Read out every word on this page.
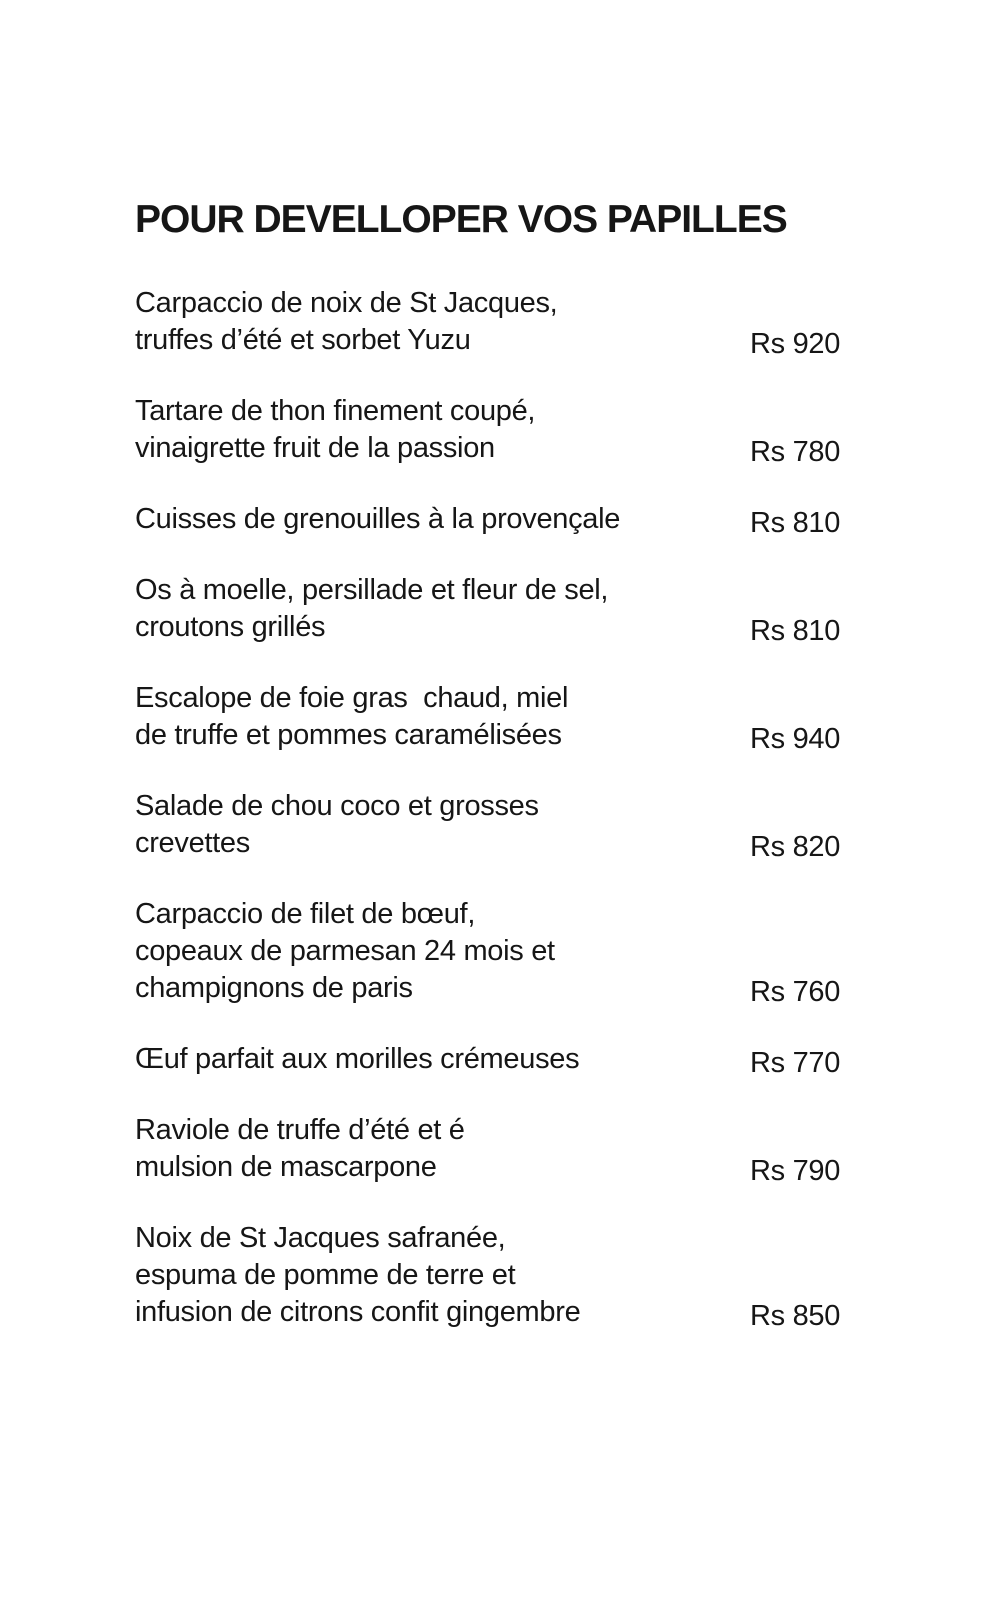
POUR DEVELLOPER VOS PAPILLES
Carpaccio de noix de St Jacques,
truffes d’été et sorbet Yuzu	Rs 920
Tartare de thon finement coupé,
vinaigrette fruit de la passion	Rs 780
Cuisses de grenouilles à la provençale	Rs 810
Os à moelle, persillade et fleur de sel,
croutons grillés	Rs 810
Escalope de foie gras  chaud, miel
de truffe et pommes caramélisées	Rs 940
Salade de chou coco et grosses
crevettes	Rs 820
Carpaccio de filet de bœuf,
copeaux de parmesan 24 mois et
champignons de paris	Rs 760
Œuf parfait aux morilles crémeuses	Rs 770
Raviole de truffe d’été et é
mulsion de mascarpone	Rs 790
Noix de St Jacques safranée,
espuma de pomme de terre et
infusion de citrons confit gingembre	Rs 850
